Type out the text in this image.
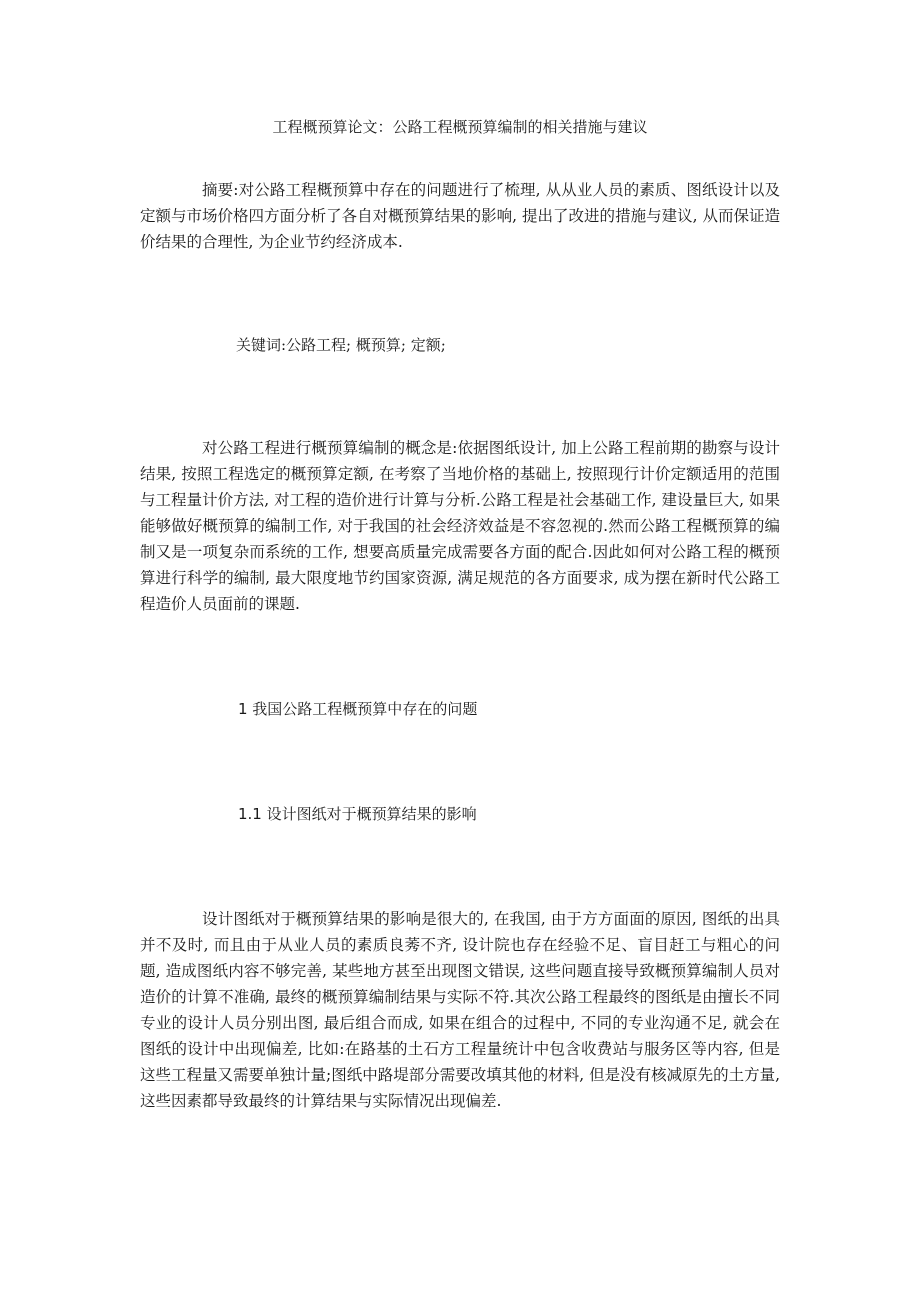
工程概预算论文：公路工程概预算编制的相关措施与建议

摘要:对公路工程概预算中存在的问题进行了梳理, 从从业人员的素质、图纸设计以及定额与市场价格四方面分析了各自对概预算结果的影响, 提出了改进的措施与建议, 从而保证造价结果的合理性, 为企业节约经济成本.

关键词:公路工程; 概预算; 定额;

对公路工程进行概预算编制的概念是:依据图纸设计, 加上公路工程前期的勘察与设计结果, 按照工程选定的概预算定额, 在考察了当地价格的基础上, 按照现行计价定额适用的范围与工程量计价方法, 对工程的造价进行计算与分析.公路工程是社会基础工作, 建设量巨大, 如果能够做好概预算的编制工作, 对于我国的社会经济效益是不容忽视的.然而公路工程概预算的编制又是一项复杂而系统的工作, 想要高质量完成需要各方面的配合.因此如何对公路工程的概预算进行科学的编制, 最大限度地节约国家资源, 满足规范的各方面要求, 成为摆在新时代公路工程造价人员面前的课题.

1 我国公路工程概预算中存在的问题
1.1 设计图纸对于概预算结果的影响

设计图纸对于概预算结果的影响是很大的, 在我国, 由于方方面面的原因, 图纸的出具并不及时, 而且由于从业人员的素质良莠不齐, 设计院也存在经验不足、盲目赶工与粗心的问题, 造成图纸内容不够完善, 某些地方甚至出现图文错误, 这些问题直接导致概预算编制人员对造价的计算不准确, 最终的概预算编制结果与实际不符.其次公路工程最终的图纸是由擅长不同专业的设计人员分别出图, 最后组合而成, 如果在组合的过程中, 不同的专业沟通不足, 就会在图纸的设计中出现偏差, 比如:在路基的土石方工程量统计中包含收费站与服务区等内容, 但是这些工程量又需要单独计量;图纸中路堤部分需要改填其他的材料, 但是没有核减原先的土方量, 这些因素都导致最终的计算结果与实际情况出现偏差.
